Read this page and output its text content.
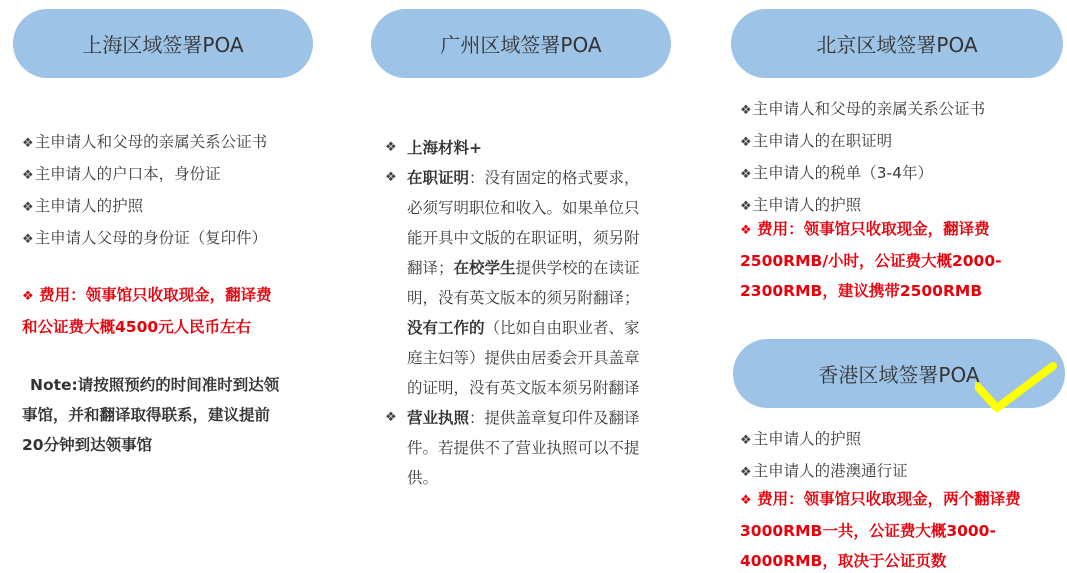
上海区域签署POA	广州区域签署POA	北京区域签署POA
香港区域签署POA
❖主申请人和父母的亲属关系公证书
❖主申请人的户口本，身份证
❖主申请人的护照
❖主申请人父母的身份证（复印件）
❖ 费用：领事馆只收取现金，翻译费
和公证费大概4500元人民币左右
Note:请按照预约的时间准时到达领
事馆，并和翻译取得联系，建议提前
20分钟到达领事馆
❖ 上海材料+

❖ 在职证明：没有固定的格式要求，

必须写明职位和收入。如果单位只

能开具中文版的在职证明，须另附

翻译；在校学生提供学校的在读证

明，没有英文版本的须另附翻译；

没有工作的（比如自由职业者、家

庭主妇等）提供由居委会开具盖章

的证明，没有英文版本须另附翻译

❖ 营业执照：提供盖章复印件及翻译

件。若提供不了营业执照可以不提

供。

❖主申请人和父母的亲属关系公证书
❖主申请人的在职证明
❖主申请人的税单（3-4年）
❖主申请人的护照
❖ 费用：领事馆只收取现金，翻译费
2500RMB/小时，公证费大概2000-
2300RMB，建议携带2500RMB
❖主申请人的护照
❖主申请人的港澳通行证
❖ 费用：领事馆只收取现金，两个翻译费
3000RMB一共，公证费大概3000-
4000RMB，取决于公证页数
